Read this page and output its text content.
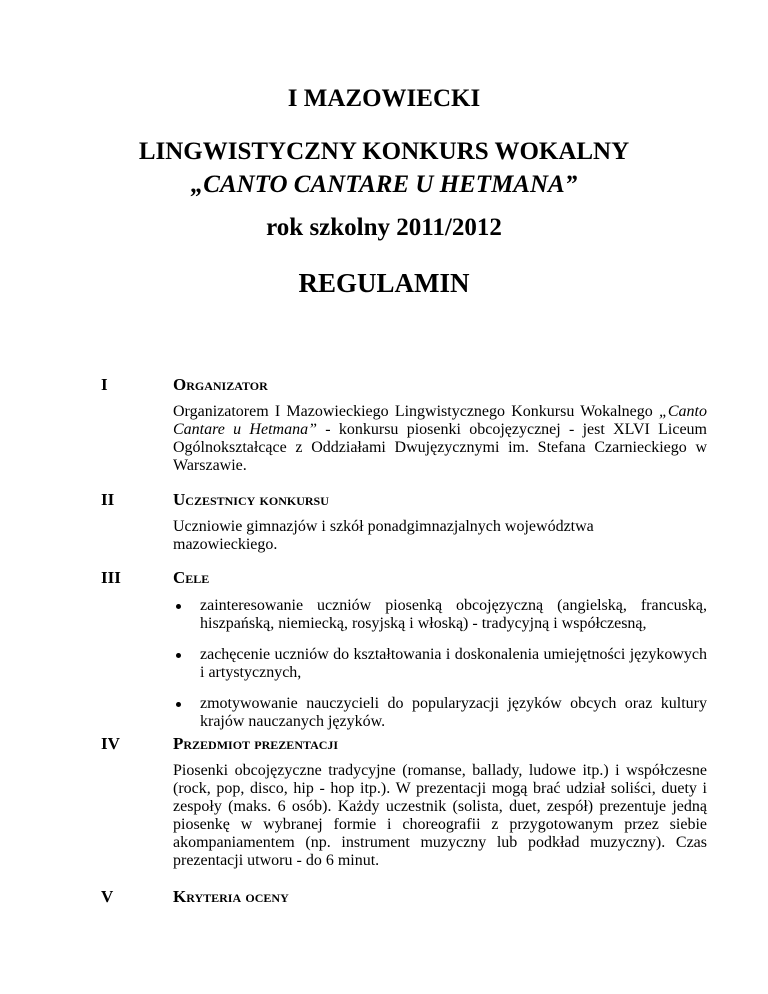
I MAZOWIECKI
LINGWISTYCZNY KONKURS WOKALNY
„CANTO CANTARE U HETMANA”
rok szkolny 2011/2012
REGULAMIN
I	Organizator

Organizatorem I Mazowieckiego Lingwistycznego Konkursu Wokalnego „Canto Cantare u Hetmana” - konkursu piosenki obcojęzycznej - jest XLVI Liceum Ogólnokształcące z Oddziałami Dwujęzycznymi im. Stefana Czarnieckiego w Warszawie.

II	Uczestnicy konkursu

Uczniowie gimnazjów i szkół ponadgimnazjalnych województwa mazowieckiego.

III	Cele
zainteresowanie uczniów piosenką obcojęzyczną (angielską, francuską, hiszpańską, niemiecką, rosyjską i włoską) - tradycyjną i współczesną,
zachęcenie uczniów do kształtowania i doskonalenia umiejętności językowych i artystycznych,
zmotywowanie nauczycieli do popularyzacji języków obcych oraz kultury krajów nauczanych języków.
IV	Przedmiot prezentacji

Piosenki obcojęzyczne tradycyjne (romanse, ballady, ludowe itp.) i współczesne (rock, pop, disco, hip - hop itp.). W prezentacji mogą brać udział soliści, duety i zespoły (maks. 6 osób). Każdy uczestnik (solista, duet, zespół) prezentuje jedną piosenkę w wybranej formie i choreografii z przygotowanym przez siebie akompaniamentem (np. instrument muzyczny lub podkład muzyczny). Czas prezentacji utworu - do 6 minut.

V	Kryteria oceny
